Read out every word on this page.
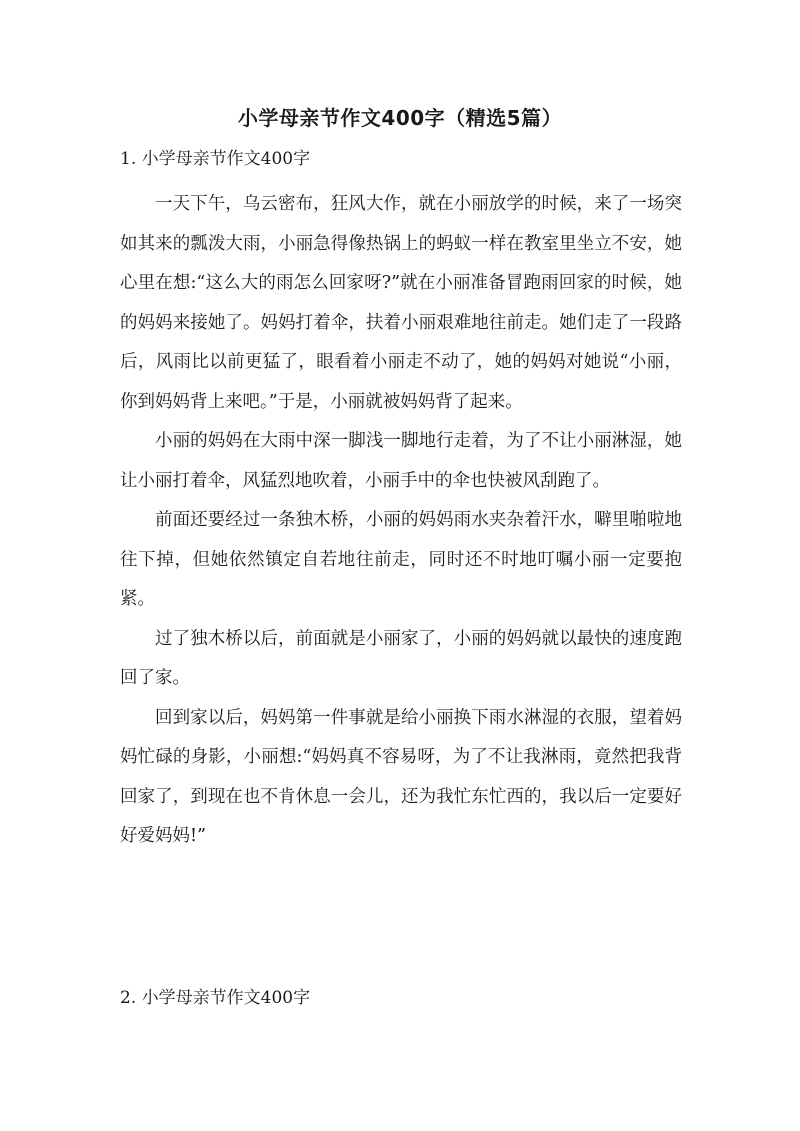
小学母亲节作文400字（精选5篇）
1. 小学母亲节作文400字

一天下午，乌云密布，狂风大作，就在小丽放学的时候，来了一场突如其来的瓢泼大雨，小丽急得像热锅上的蚂蚁一样在教室里坐立不安，她心里在想:“这么大的雨怎么回家呀?”就在小丽准备冒跑雨回家的时候，她的妈妈来接她了。妈妈打着伞，扶着小丽艰难地往前走。她们走了一段路后，风雨比以前更猛了，眼看着小丽走不动了，她的妈妈对她说“小丽，你到妈妈背上来吧。”于是，小丽就被妈妈背了起来。

小丽的妈妈在大雨中深一脚浅一脚地行走着，为了不让小丽淋湿，她让小丽打着伞，风猛烈地吹着，小丽手中的伞也快被风刮跑了。

前面还要经过一条独木桥，小丽的妈妈雨水夹杂着汗水，噼里啪啦地往下掉，但她依然镇定自若地往前走，同时还不时地叮嘱小丽一定要抱紧。

过了独木桥以后，前面就是小丽家了，小丽的妈妈就以最快的速度跑回了家。

回到家以后，妈妈第一件事就是给小丽换下雨水淋湿的衣服，望着妈妈忙碌的身影，小丽想:“妈妈真不容易呀，为了不让我淋雨，竟然把我背回家了，到现在也不肯休息一会儿，还为我忙东忙西的，我以后一定要好好爱妈妈!”

2. 小学母亲节作文400字
